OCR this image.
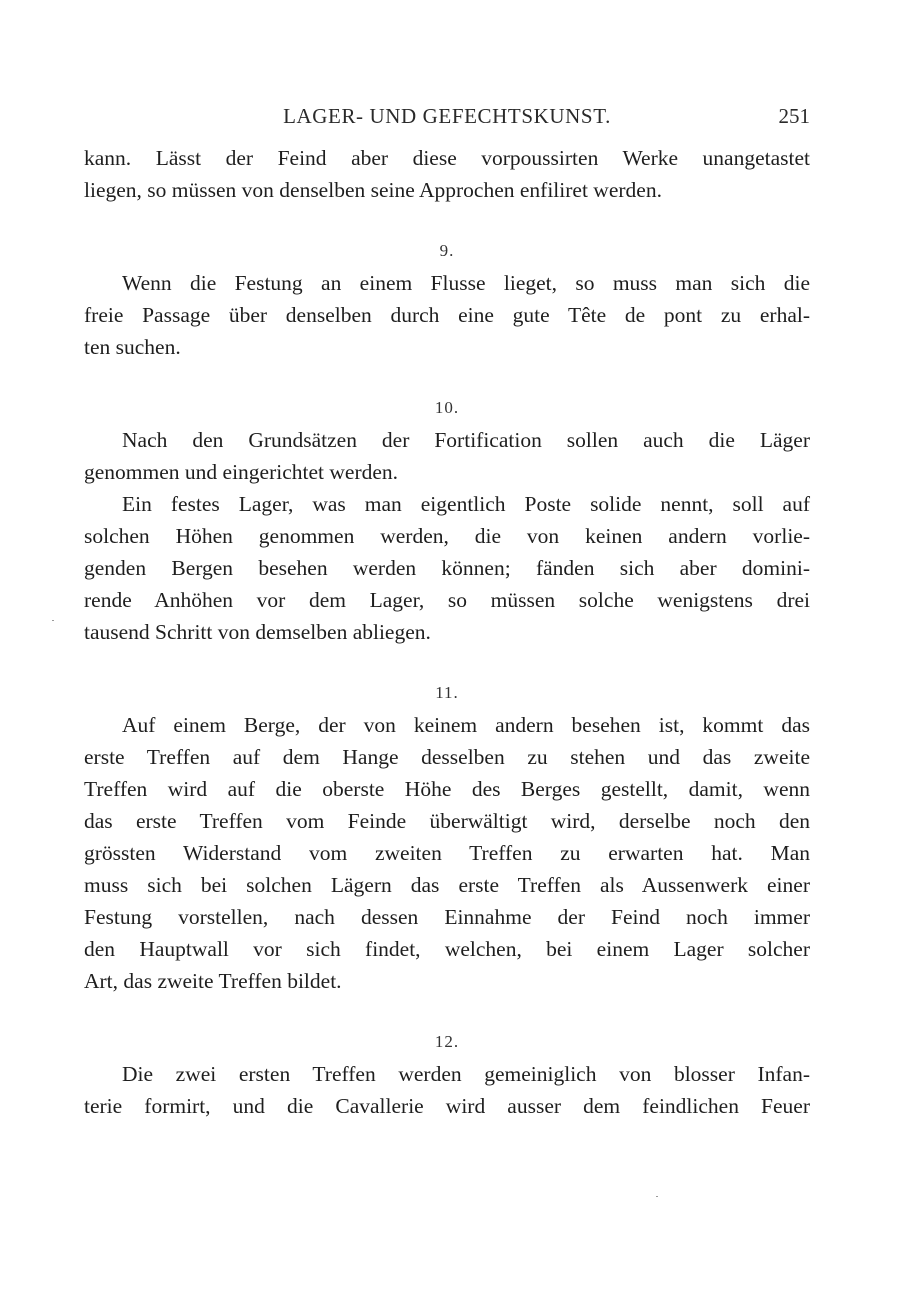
LAGER- UND GEFECHTSKUNST.	251
kann. Lässt der Feind aber diese vorpoussirten Werke unangetastet
liegen, so müssen von denselben seine Approchen enfiliret werden.
9.
Wenn die Festung an einem Flusse lieget, so muss man sich die
freie Passage über denselben durch eine gute Tête de pont zu erhal-
ten suchen.
10.
Nach den Grundsätzen der Fortification sollen auch die Läger
genommen und eingerichtet werden.
Ein festes Lager, was man eigentlich Poste solide nennt, soll auf
solchen Höhen genommen werden, die von keinen andern vorlie-
genden Bergen besehen werden können; fänden sich aber domini-
rende Anhöhen vor dem Lager, so müssen solche wenigstens drei
tausend Schritt von demselben abliegen.
11.
Auf einem Berge, der von keinem andern besehen ist, kommt das
erste Treffen auf dem Hange desselben zu stehen und das zweite
Treffen wird auf die oberste Höhe des Berges gestellt, damit, wenn
das erste Treffen vom Feinde überwältigt wird, derselbe noch den
grössten Widerstand vom zweiten Treffen zu erwarten hat. Man
muss sich bei solchen Lägern das erste Treffen als Aussenwerk einer
Festung vorstellen, nach dessen Einnahme der Feind noch immer
den Hauptwall vor sich findet, welchen, bei einem Lager solcher
Art, das zweite Treffen bildet.
12.
Die zwei ersten Treffen werden gemeiniglich von blosser Infan-
terie formirt, und die Cavallerie wird ausser dem feindlichen Feuer
